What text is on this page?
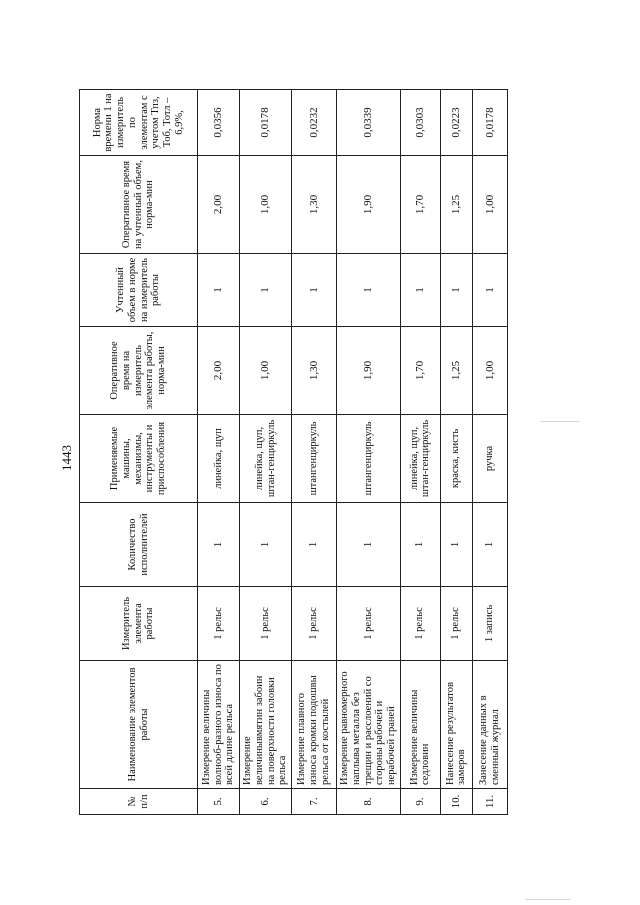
1443
№ п/п	Наименование элементов работы	Измеритель элемента работы	Количество исполнителей	Применяемые машины, механизмы, инструменты и приспособления	Оперативное время на измеритель элемента работы, норма-мин	Учтенный объем в норме на измеритель работы	Оперативное время на учтенный объем, норма-мин	Норма времени 1 на измеритель по элементам с учетом Тпз, Тоб, Тотл – 6,9%,
5.	Измерение величины волнооб-разного износа по всей длине рельса	1 рельс	1	линейка, щуп	2,00	1	2,00	0,0356
6.	Измерение величинывмятин забоин на поверхности головки рельса	1 рельс	1	линейка, щуп, штан-генциркуль	1,00	1	1,00	0,0178
7.	Измерение плавного износа кромки подошвы рельса от костылей	1 рельс	1	штангенциркуль	1,30	1	1,30	0,0232
8.	Измерение равномерного наплыва металла без трещин и расслоений со стороны рабочей и нерабочей граней	1 рельс	1	штангенциркуль	1,90	1	1,90	0,0339
9.	Измерение величины седловин	1 рельс	1	линейка, щуп, штан-генциркуль	1,70	1	1,70	0,0303
10.	Нанесение результатов замеров	1 рельс	1	краска, кисть	1,25	1	1,25	0,0223
11.	Занесение данных в сменный журнал	1 запись	1	ручка	1,00	1	1,00	0,0178
